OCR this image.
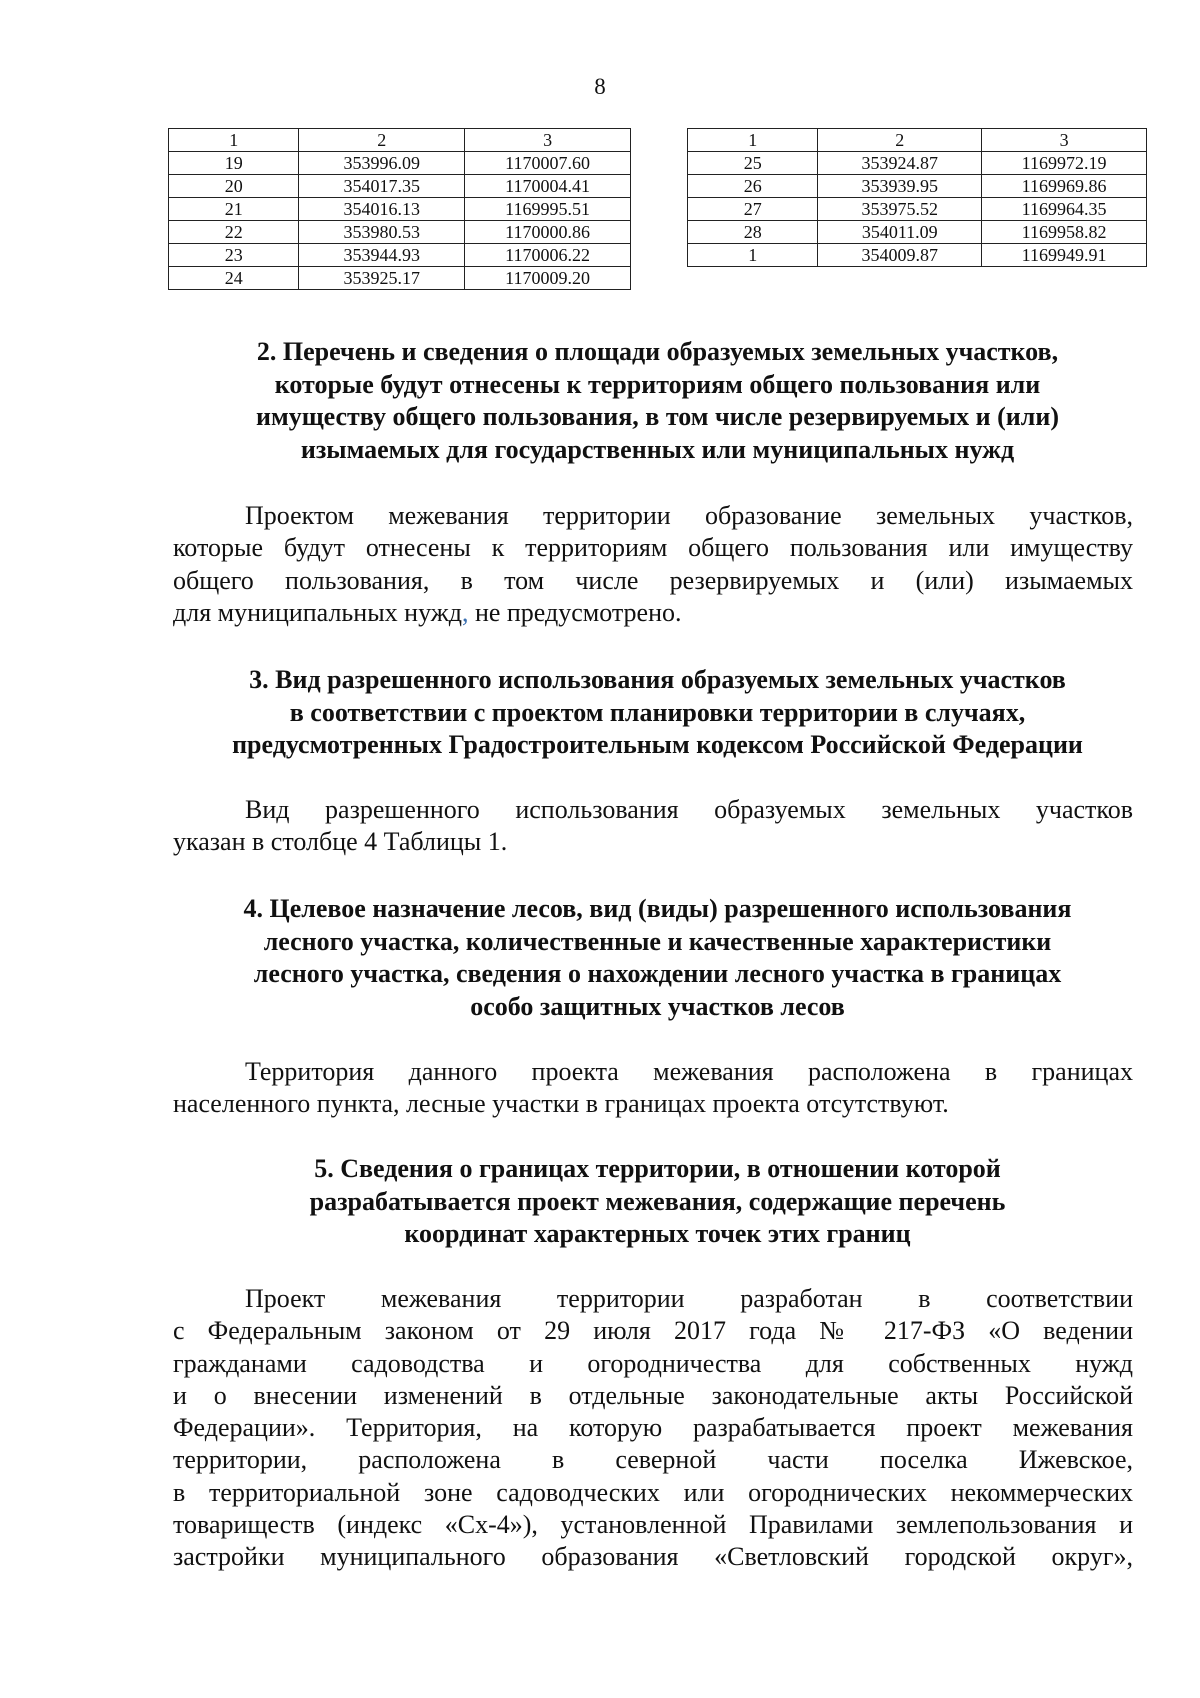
8
1	2	3
19	353996.09	1170007.60
20	354017.35	1170004.41
21	354016.13	1169995.51
22	353980.53	1170000.86
23	353944.93	1170006.22
24	353925.17	1170009.20
1	2	3
25	353924.87	1169972.19
26	353939.95	1169969.86
27	353975.52	1169964.35
28	354011.09	1169958.82
1	354009.87	1169949.91
2. Перечень и сведения о площади образуемых земельных участков,
которые будут отнесены к территориям общего пользования или
имуществу общего пользования, в том числе резервируемых и (или)
изымаемых для государственных или муниципальных нужд
Проектом межевания территории образование земельных участков,
которые будут отнесены к территориям общего пользования или имуществу
общего пользования, в том числе резервируемых и (или) изымаемых
для муниципальных нужд, не предусмотрено.
3. Вид разрешенного использования образуемых земельных участков
в соответствии с проектом планировки территории в случаях,
предусмотренных Градостроительным кодексом Российской Федерации
Вид разрешенного использования образуемых земельных участков
указан в столбце 4 Таблицы 1.
4. Целевое назначение лесов, вид (виды) разрешенного использования
лесного участка, количественные и качественные характеристики
лесного участка, сведения о нахождении лесного участка в границах
особо защитных участков лесов
Территория данного проекта межевания расположена в границах
населенного пункта, лесные участки в границах проекта отсутствуют.
5. Сведения о границах территории, в отношении которой
разрабатывается проект межевания, содержащие перечень
координат характерных точек этих границ
Проект межевания территории разработан в соответствии
с Федеральным законом от 29 июля 2017 года № 217-ФЗ «О ведении
гражданами садоводства и огородничества для собственных нужд
и о внесении изменений в отдельные законодательные акты Российской
Федерации». Территория, на которую разрабатывается проект межевания
территории, расположена в северной части поселка Ижевское,
в территориальной зоне садоводческих или огороднических некоммерческих
товариществ (индекс «Сх-4»), установленной Правилами землепользования и
застройки муниципального образования «Светловский городской округ»,
